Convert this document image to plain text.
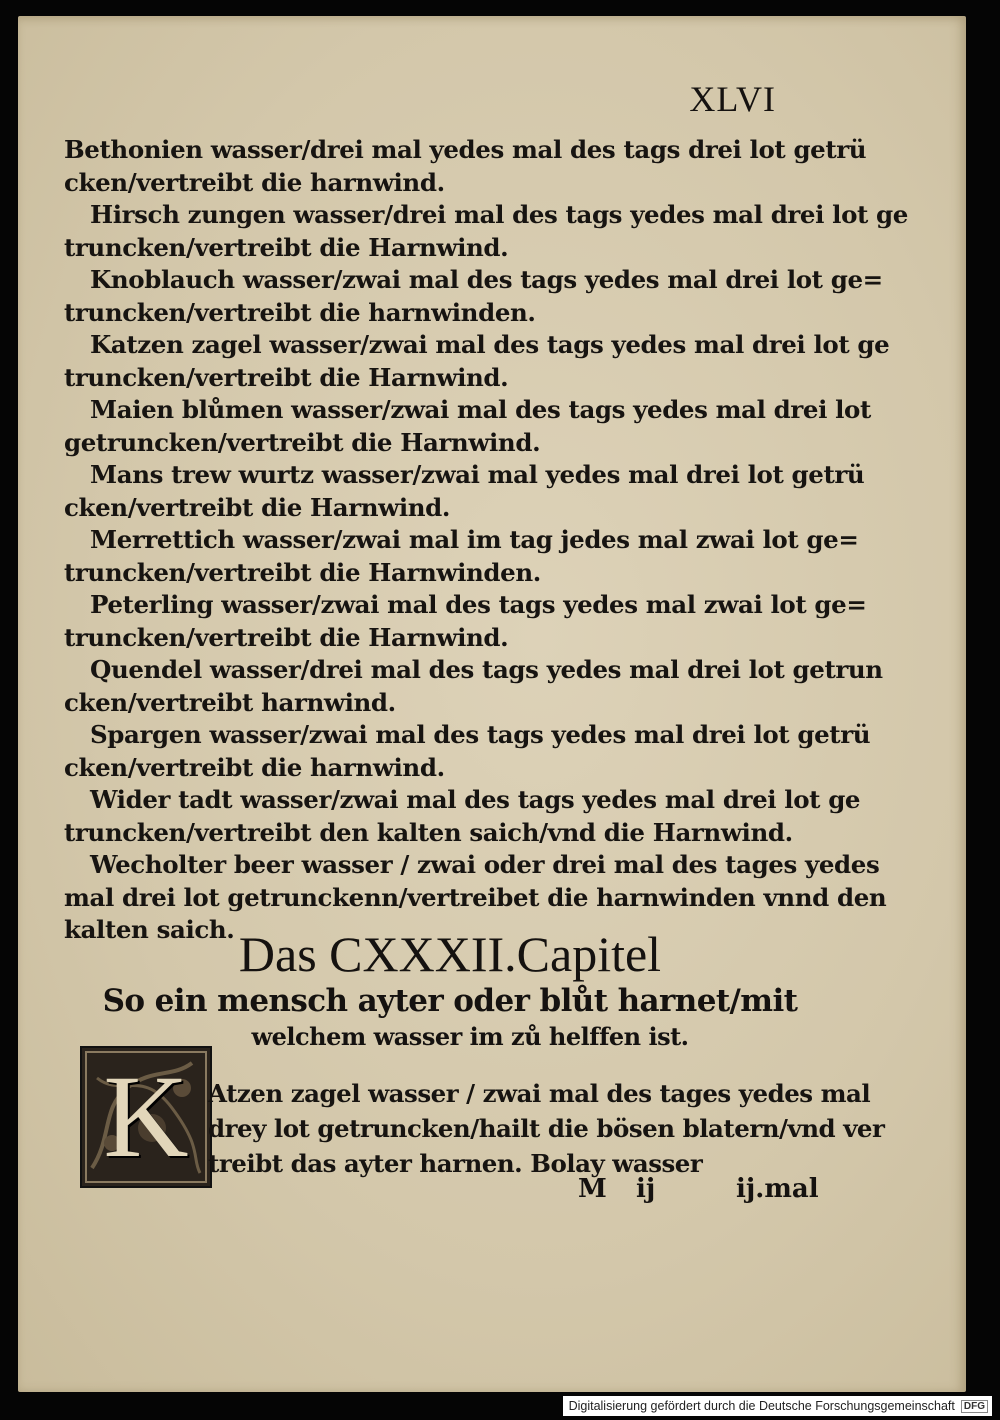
XLVI
Bethonien wasser/drei mal yedes mal des tags drei lot getrü
cken/vertreibt die harnwind.
Hirsch zungen wasser/drei mal des tags yedes mal drei lot ge
truncken/vertreibt die Harnwind.
Knoblauch wasser/zwai mal des tags yedes mal drei lot ge=
truncken/vertreibt die harnwinden.
Katzen zagel wasser/zwai mal des tags yedes mal drei lot ge
truncken/vertreibt die Harnwind.
Maien blůmen wasser/zwai mal des tags yedes mal drei lot
getruncken/vertreibt die Harnwind.
Mans trew wurtz wasser/zwai mal yedes mal drei lot getrü
cken/vertreibt die Harnwind.
Merrettich wasser/zwai mal im tag jedes mal zwai lot ge=
truncken/vertreibt die Harnwinden.
Peterling wasser/zwai mal des tags yedes mal zwai lot ge=
truncken/vertreibt die Harnwind.
Quendel wasser/drei mal des tags yedes mal drei lot getrun
cken/vertreibt harnwind.
Spargen wasser/zwai mal des tags yedes mal drei lot getrü
cken/vertreibt die harnwind.
Wider tadt wasser/zwai mal des tags yedes mal drei lot ge
truncken/vertreibt den kalten saich/vnd die Harnwind.
Wecholter beer wasser / zwai oder drei mal des tages yedes
mal drei lot getrunckenn/vertreibet die harnwinden vnnd den
kalten saich. Das CXXXII.Capitel
So ein mensch ayter oder blůt harnet/mit
welchem wasser im zů helffen ist.
K Atzen zagel wasser / zwai mal des tages yedes mal
drey lot getruncken/hailt die bösen blatern/vnd ver
treibt das ayter harnen. Bolay wasser
M ij	ij.mal
Digitalisierung gefördert durch die Deutsche Forschungsgemeinschaft DFG
